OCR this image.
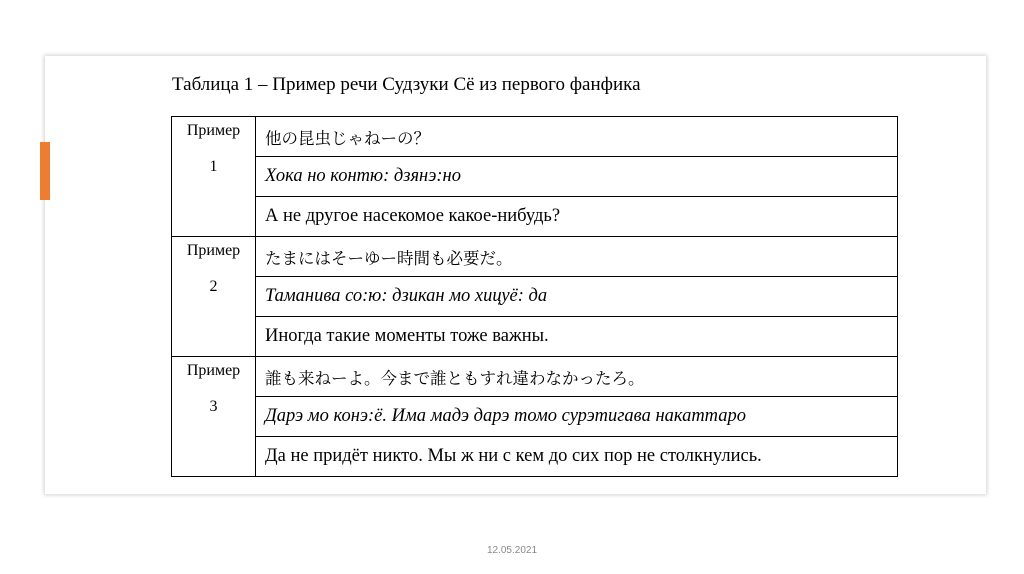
Таблица 1 – Пример речи Судзуки Сё из первого фанфика
Пример
1	他の昆虫じゃねーの？
	Хока но контю: дзянэ:но
	А не другое насекомое какое-нибудь?

Пример
2	たまにはそーゆー時間も必要だ。
	Таманива со:ю: дзикан мо хицуё: да
	Иногда такие моменты тоже важны.

Пример
3	誰も来ねーよ。今まで誰ともすれ違わなかったろ。
	Дарэ мо конэ:ё. Има мадэ дарэ томо сурэтигава накаттаро
	Да не придёт никто. Мы ж ни с кем до сих пор не столкнулись.
12.05.2021
